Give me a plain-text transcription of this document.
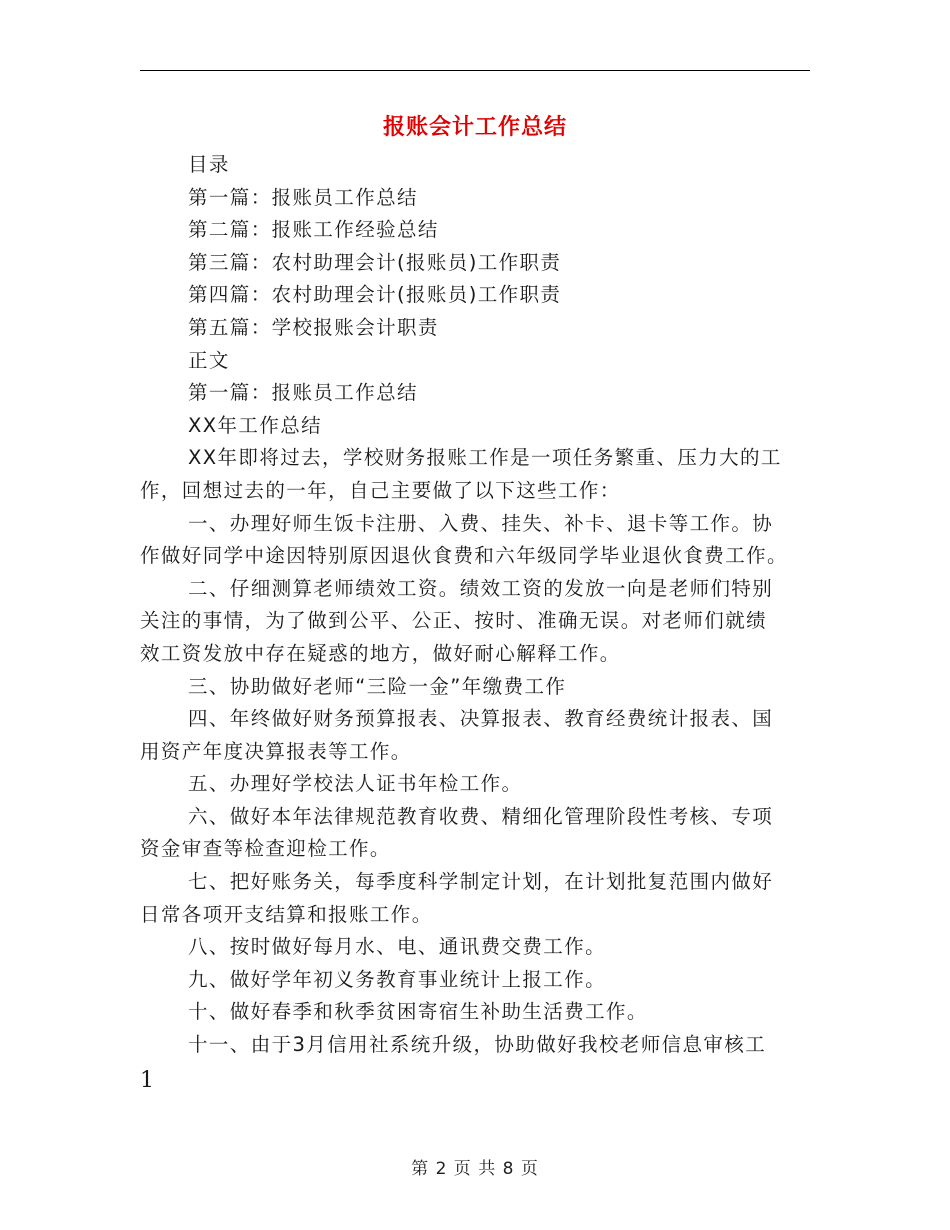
报账会计工作总结
目录
第一篇：报账员工作总结
第二篇：报账工作经验总结
第三篇：农村助理会计(报账员)工作职责
第四篇：农村助理会计(报账员)工作职责
第五篇：学校报账会计职责
正文
第一篇：报账员工作总结
XX年工作总结
XX年即将过去，学校财务报账工作是一项任务繁重、压力大的工
作，回想过去的一年，自己主要做了以下这些工作：
一、办理好师生饭卡注册、入费、挂失、补卡、退卡等工作。协
作做好同学中途因特别原因退伙食费和六年级同学毕业退伙食费工作。
二、仔细测算老师绩效工资。绩效工资的发放一向是老师们特别
关注的事情，为了做到公平、公正、按时、准确无误。对老师们就绩
效工资发放中存在疑惑的地方，做好耐心解释工作。
三、协助做好老师“三险一金”年缴费工作
四、年终做好财务预算报表、决算报表、教育经费统计报表、国
用资产年度决算报表等工作。
五、办理好学校法人证书年检工作。
六、做好本年法律规范教育收费、精细化管理阶段性考核、专项
资金审查等检查迎检工作。
七、把好账务关，每季度科学制定计划，在计划批复范围内做好
日常各项开支结算和报账工作。
八、按时做好每月水、电、通讯费交费工作。
九、做好学年初义务教育事业统计上报工作。
十、做好春季和秋季贫困寄宿生补助生活费工作。
十一、由于3月信用社系统升级，协助做好我校老师信息审核工
1
第 2 页 共 8 页
